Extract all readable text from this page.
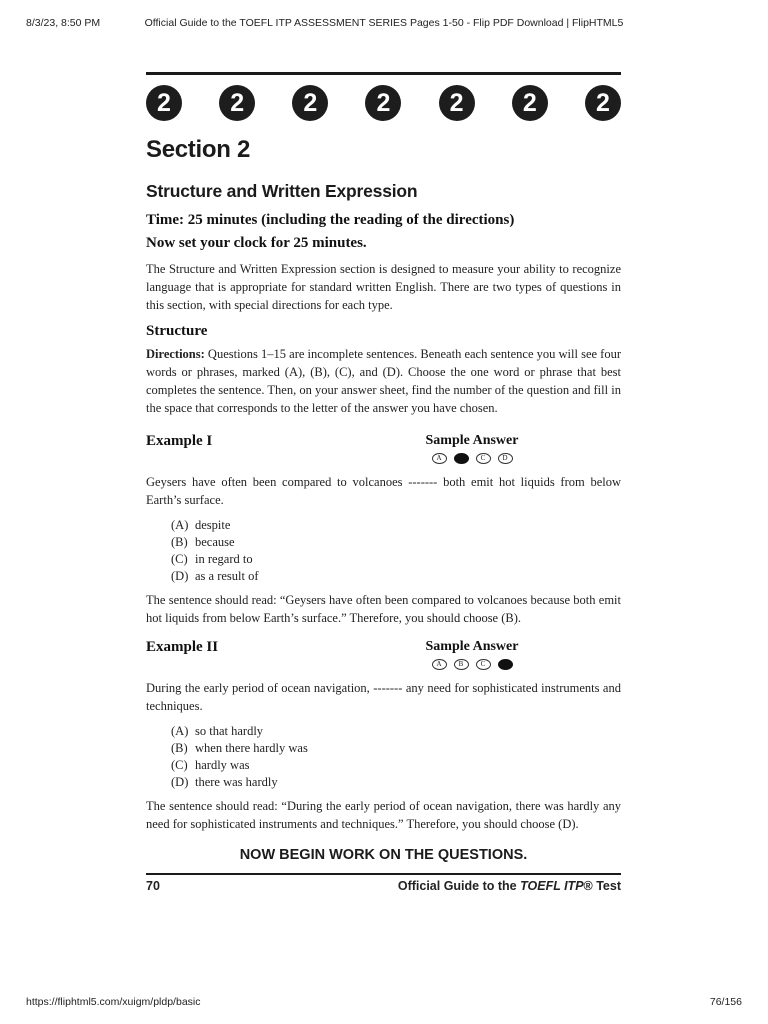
8/3/23, 8:50 PM	Official Guide to the TOEFL ITP ASSESSMENT SERIES Pages 1-50 - Flip PDF Download | FlipHTML5
2	2	2	2	2	2	2
Section 2
Structure and Written Expression
Time: 25 minutes (including the reading of the directions)
Now set your clock for 25 minutes.

The Structure and Written Expression section is designed to measure your ability to recognize language that is appropriate for standard written English. There are two types of questions in this section, with special directions for each type.

Structure

Directions: Questions 1–15 are incomplete sentences. Beneath each sentence you will see four words or phrases, marked (A), (B), (C), and (D). Choose the one word or phrase that best completes the sentence. Then, on your answer sheet, find the number of the question and fill in the space that corresponds to the letter of the answer you have chosen.

Example I	Sample Answer
A	C	D

Geysers have often been compared to volcanoes ------- both emit hot liquids from below Earth’s surface.

(A) despite
(B) because
(C) in regard to
(D) as a result of

The sentence should read: “Geysers have often been compared to volcanoes because both emit hot liquids from below Earth’s surface.” Therefore, you should choose (B).

Example II	Sample Answer
A	B	C

During the early period of ocean navigation, ------- any need for sophisticated instruments and techniques.

(A) so that hardly
(B) when there hardly was
(C) hardly was
(D) there was hardly

The sentence should read: “During the early period of ocean navigation, there was hardly any need for sophisticated instruments and techniques.” Therefore, you should choose (D).

NOW BEGIN WORK ON THE QUESTIONS.
70	Official Guide to the TOEFL ITP® Test
https://fliphtml5.com/xuigm/pldp/basic	76/156
